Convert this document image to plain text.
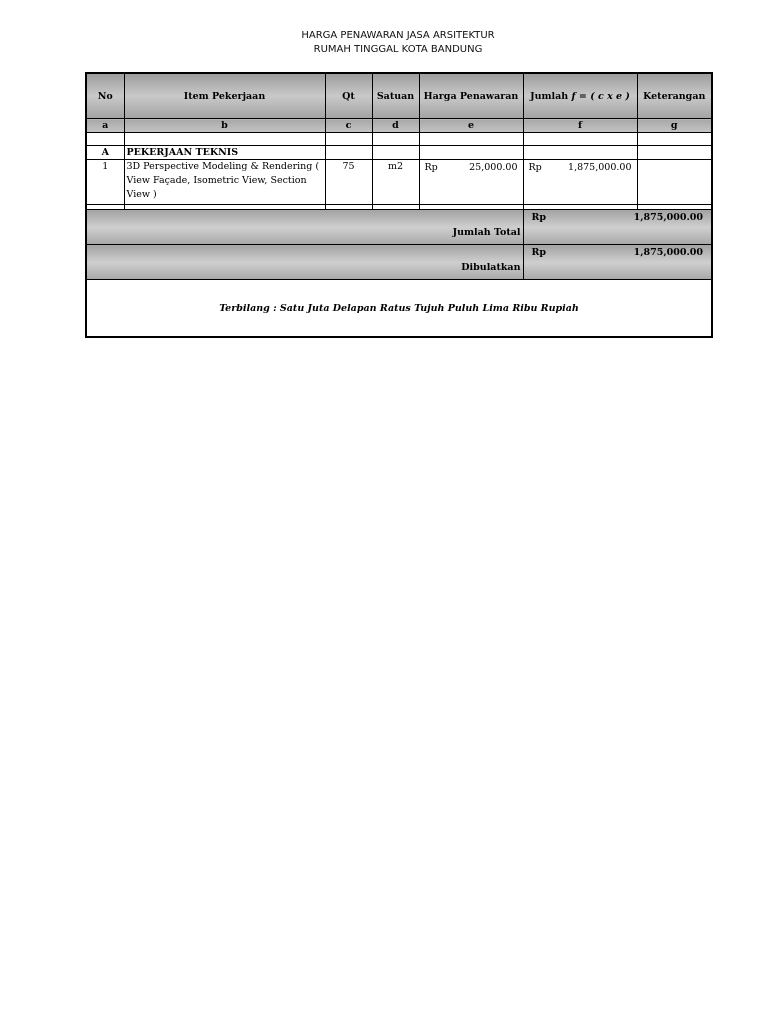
HARGA PENAWARAN JASA ARSITEKTUR
RUMAH TINGGAL KOTA BANDUNG
No	Item Pekerjaan	Qt	Satuan	Harga Penawaran	Jumlah f = ( c x e )	Keterangan
a	b	c	d	e	f	g

A	PEKERJAAN TEKNIS					
1	3D Perspective Modeling & Rendering ( View Façade, Isometric View, Section View )	75	m2	Rp 25,000.00	Rp 1,875,000.00	

Jumlah Total					Rp 1,875,000.00	

Dibulatkan					Rp 1,875,000.00	

Terbilang : Satu Juta Delapan Ratus Tujuh Puluh Lima Ribu Rupiah						
